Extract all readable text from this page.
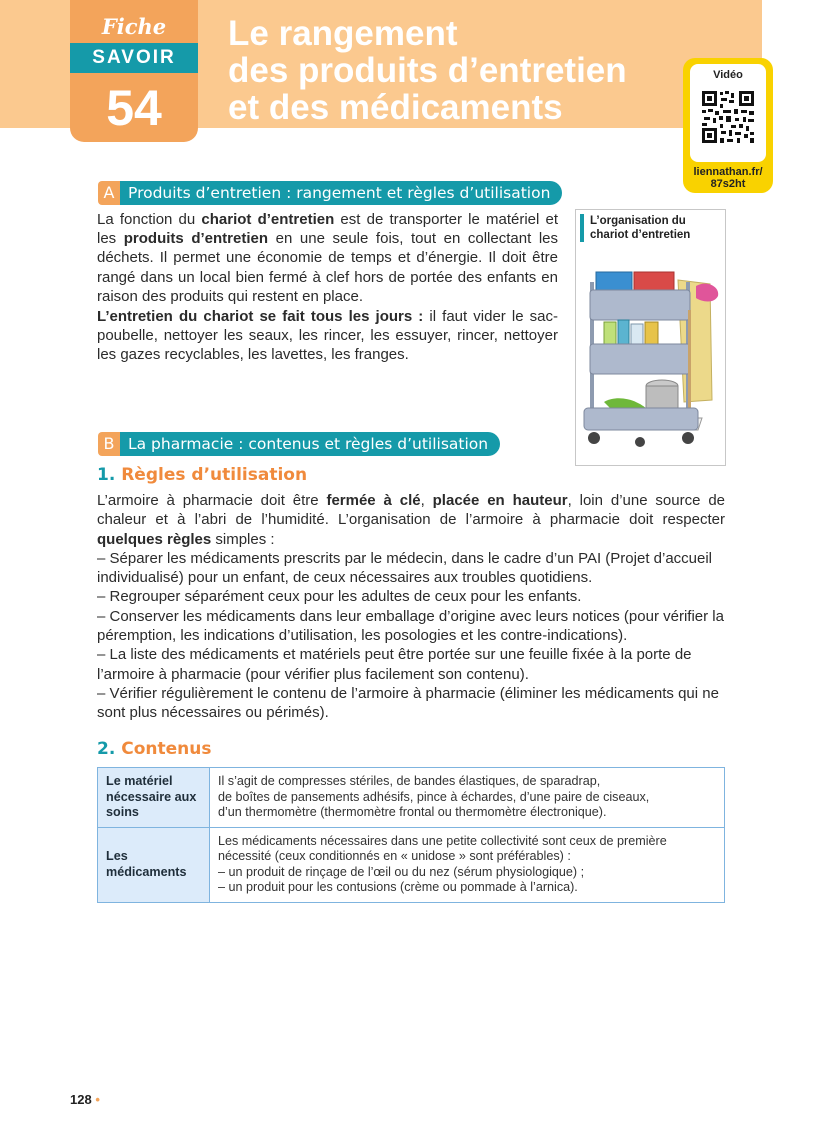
Fiche
SAVOIR
54
Le rangement
des produits d’entretien
et des médicaments
Vidéo
liennathan.fr/
87s2ht
A Produits d’entretien : rangement et règles d’utilisation

La fonction du chariot d’entretien est de transporter le matériel et les produits d’entretien en une seule fois, tout en collectant les déchets. Il permet une économie de temps et d’énergie. Il doit être rangé dans un local bien fermé à clef hors de portée des enfants en raison des produits qui restent en place.

L’entretien du chariot se fait tous les jours : il faut vider le sac-poubelle, nettoyer les seaux, les rincer, les essuyer, rincer, nettoyer les gazes recyclables, les lavettes, les franges.

L’organisation du chariot d’entretien
B La pharmacie : contenus et règles d’utilisation
1. Règles d’utilisation

L’armoire à pharmacie doit être fermée à clé, placée en hauteur, loin d’une source de chaleur et à l’abri de l’humidité. L’organisation de l’armoire à pharmacie doit respecter quelques règles simples :

– Séparer les médicaments prescrits par le médecin, dans le cadre d’un PAI (Projet d’accueil individualisé) pour un enfant, de ceux nécessaires aux troubles quotidiens.

– Regrouper séparément ceux pour les adultes de ceux pour les enfants.

– Conserver les médicaments dans leur emballage d’origine avec leurs notices (pour vérifier la péremption, les indications d’utilisation, les posologies et les contre-indications).

– La liste des médicaments et matériels peut être portée sur une feuille fixée à la porte de l’armoire à pharmacie (pour vérifier plus facilement son contenu).

– Vérifier régulièrement le contenu de l’armoire à pharmacie (éliminer les médicaments qui ne sont plus nécessaires ou périmés).

2. Contenus
Le matériel nécessaire aux soins	Il s’agit de compresses stériles, de bandes élastiques, de sparadrap,
de boîtes de pansements adhésifs, pince à échardes, d’une paire de ciseaux,
d’un thermomètre (thermomètre frontal ou thermomètre électronique).
Les médicaments	Les médicaments nécessaires dans une petite collectivité sont ceux de première
nécessité (ceux conditionnés en « unidose » sont préférables) :
– un produit de rinçage de l’œil ou du nez (sérum physiologique) ;
– un produit pour les contusions (crème ou pommade à l’arnica).
128 •
